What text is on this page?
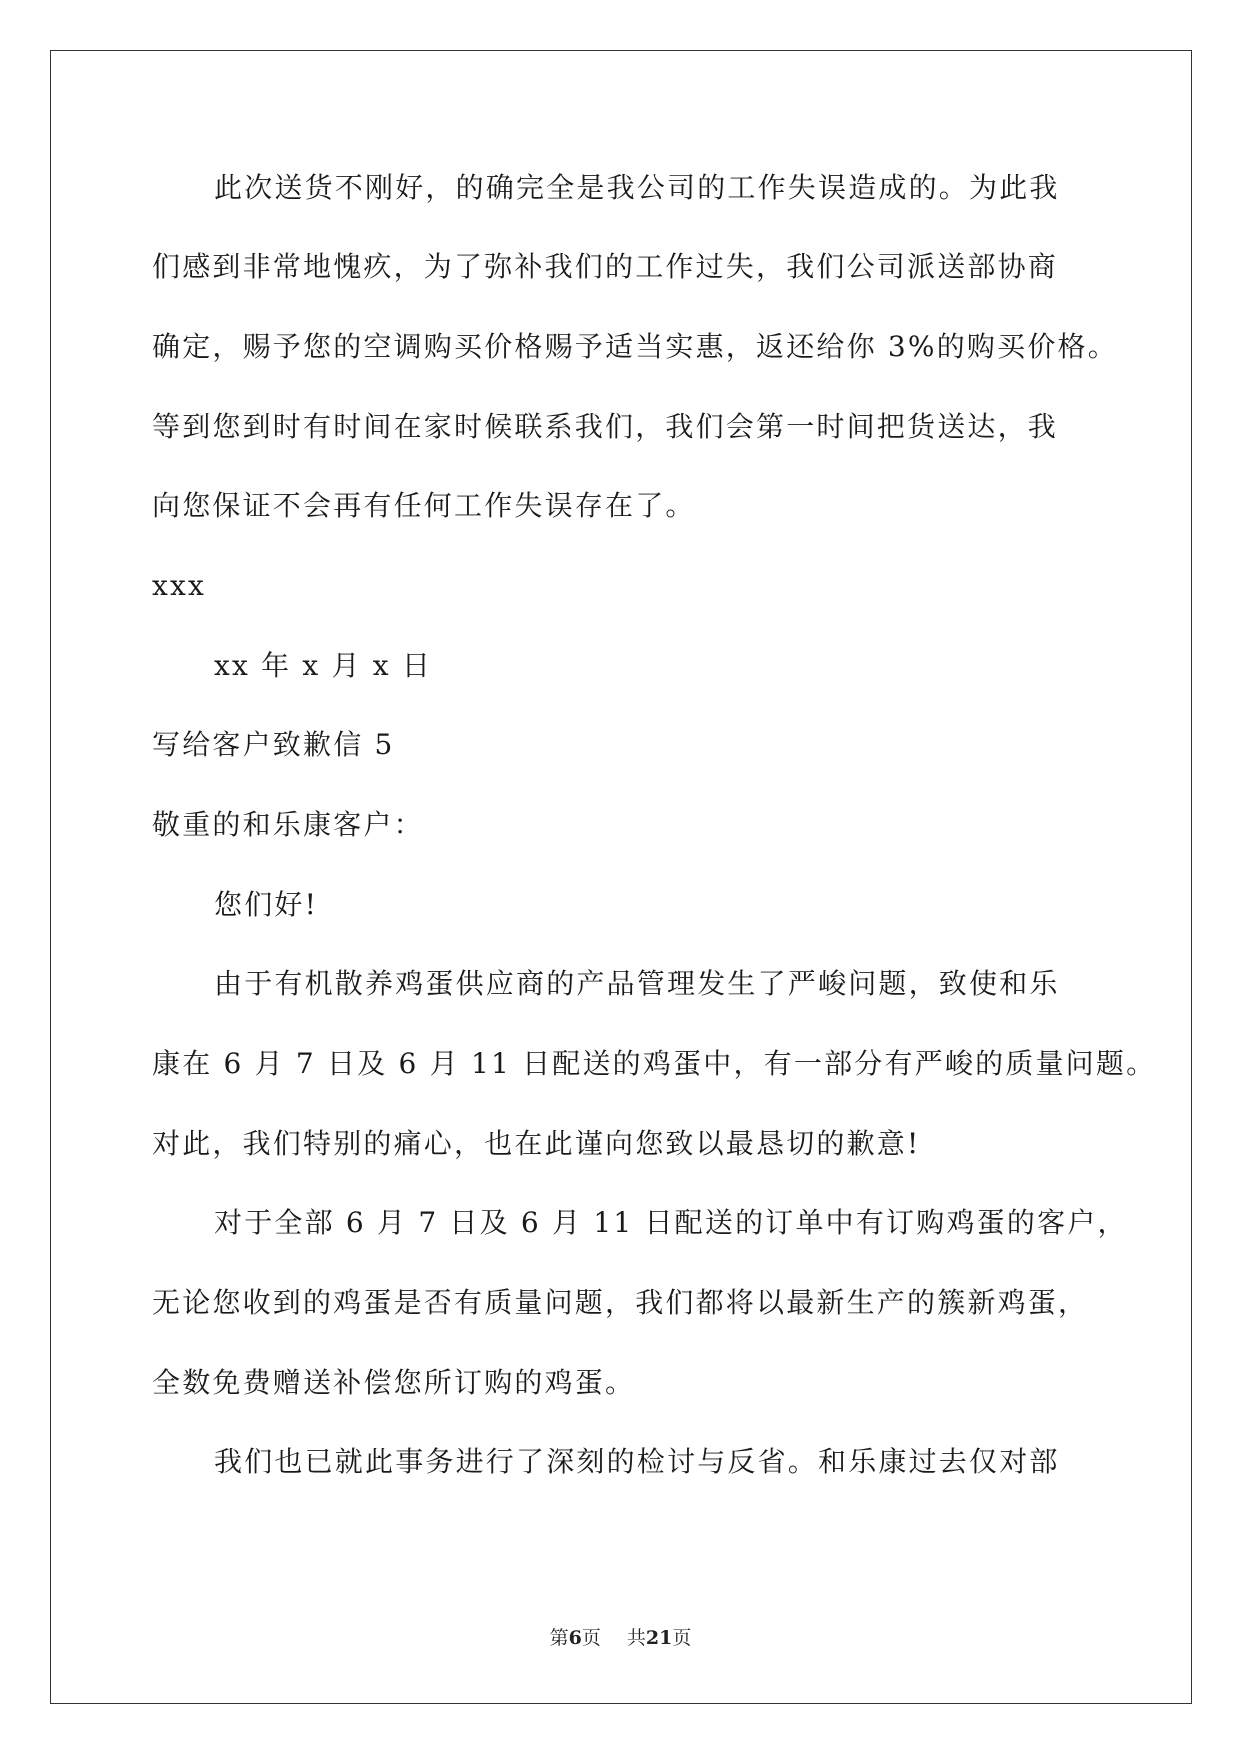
此次送货不刚好，的确完全是我公司的工作失误造成的。为此我
们感到非常地愧疚，为了弥补我们的工作过失，我们公司派送部协商
确定，赐予您的空调购买价格赐予适当实惠，返还给你 3%的购买价格。
等到您到时有时间在家时候联系我们，我们会第一时间把货送达，我
向您保证不会再有任何工作失误存在了。
xxx
xx 年 x 月 x 日
写给客户致歉信 5
敬重的和乐康客户：
您们好!
由于有机散养鸡蛋供应商的产品管理发生了严峻问题，致使和乐
康在 6 月 7 日及 6 月 11 日配送的鸡蛋中，有一部分有严峻的质量问题。
对此，我们特别的痛心，也在此谨向您致以最恳切的歉意!
对于全部 6 月 7 日及 6 月 11 日配送的订单中有订购鸡蛋的客户，
无论您收到的鸡蛋是否有质量问题，我们都将以最新生产的簇新鸡蛋，
全数免费赠送补偿您所订购的鸡蛋。
我们也已就此事务进行了深刻的检讨与反省。和乐康过去仅对部
第6页 共21页
